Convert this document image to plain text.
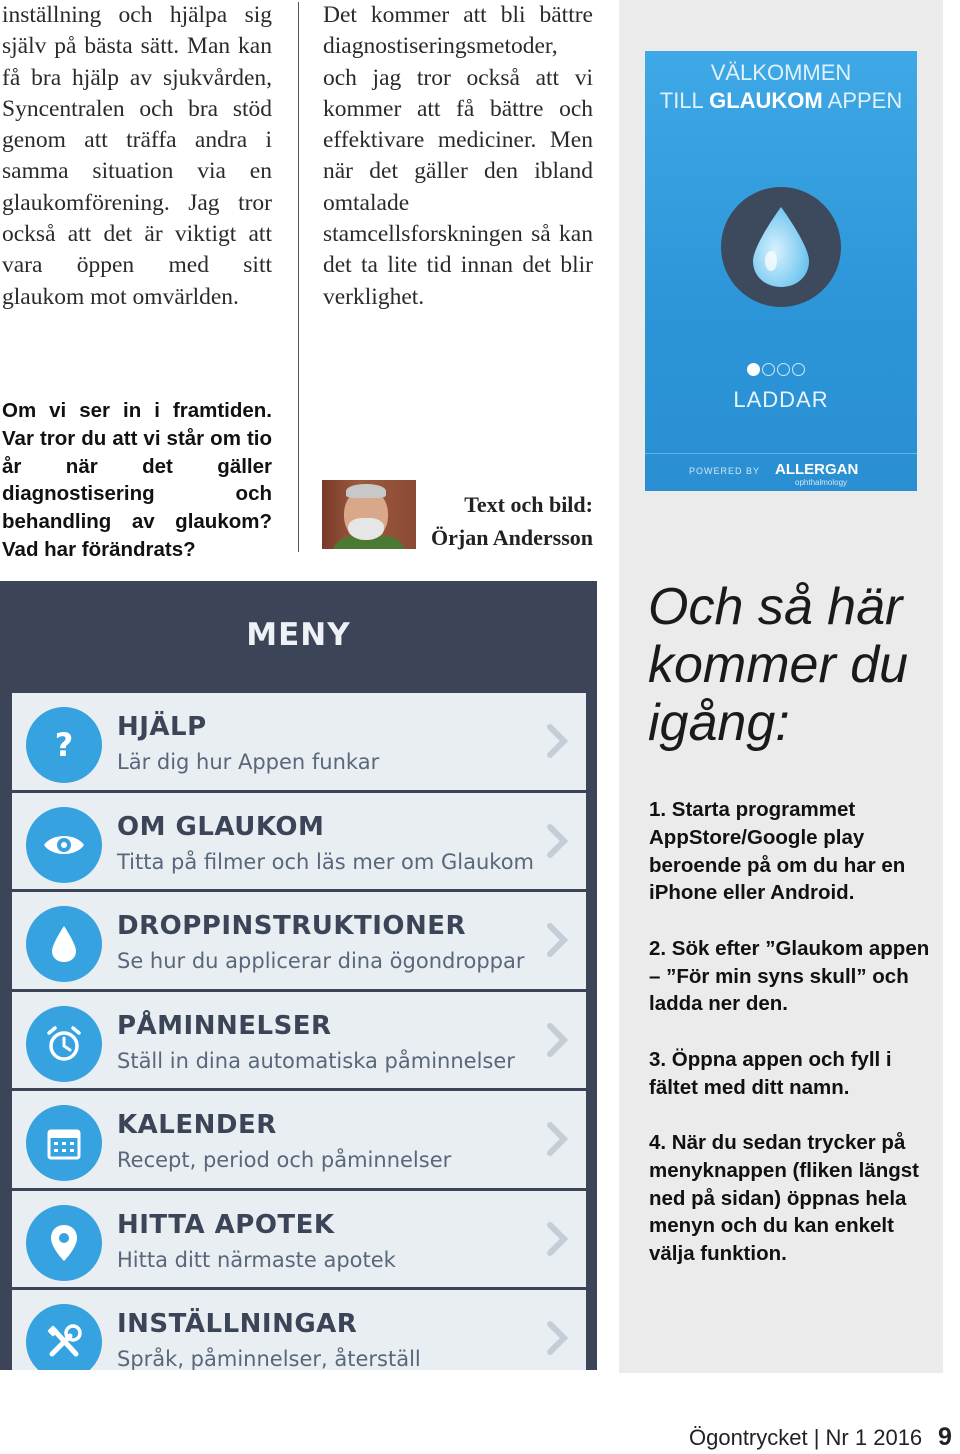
inställning och hjälpa sig själv på bästa sätt. Man kan få bra hjälp av sjukvården, Syncentralen och bra stöd genom att träffa andra i samma situation via en glaukomförening. Jag tror också att det är viktigt att vara öppen med sitt glaukom mot omvärlden.
Det kommer att bli bättre diagnostiseringsmetoder, och jag tror också att vi kommer att få bättre och effektivare mediciner. Men när det gäller den ibland omtalade stamcellsforskningen så kan det ta lite tid innan det blir verklighet.
Om vi ser in i framtiden. Var tror du att vi står om tio år när det gäller diagnostisering och behandling av glaukom? Vad har förändrats?
Text och bild:
Örjan Andersson
VÄLKOMMEN
TILL GLAUKOM APPEN
LADDAR
POWERED BY ALLERGAN
ophthalmology
MENY
? HJÄLP
Lär dig hur Appen funkar
OM GLAUKOM
Titta på filmer och läs mer om Glaukom
DROPPINSTRUKTIONER
Se hur du applicerar dina ögondroppar
PÅMINNELSER
Ställ in dina automatiska påminnelser
KALENDER
Recept, period och påminnelser
HITTA APOTEK
Hitta ditt närmaste apotek
INSTÄLLNINGAR
Språk, påminnelser, återställ
Och så här kommer du igång:

1. Starta programmet AppStore/Google play beroende på om du har en iPhone eller Android.

2. Sök efter ”Glaukom appen – ”För min syns skull” och ladda ner den.

3. Öppna appen och fyll i fältet med ditt namn.

4. När du sedan trycker på menyknappen (fliken längst ned på sidan) öppnas hela menyn och du kan enkelt välja funktion.

Ögontrycket | Nr 1 2016 9
